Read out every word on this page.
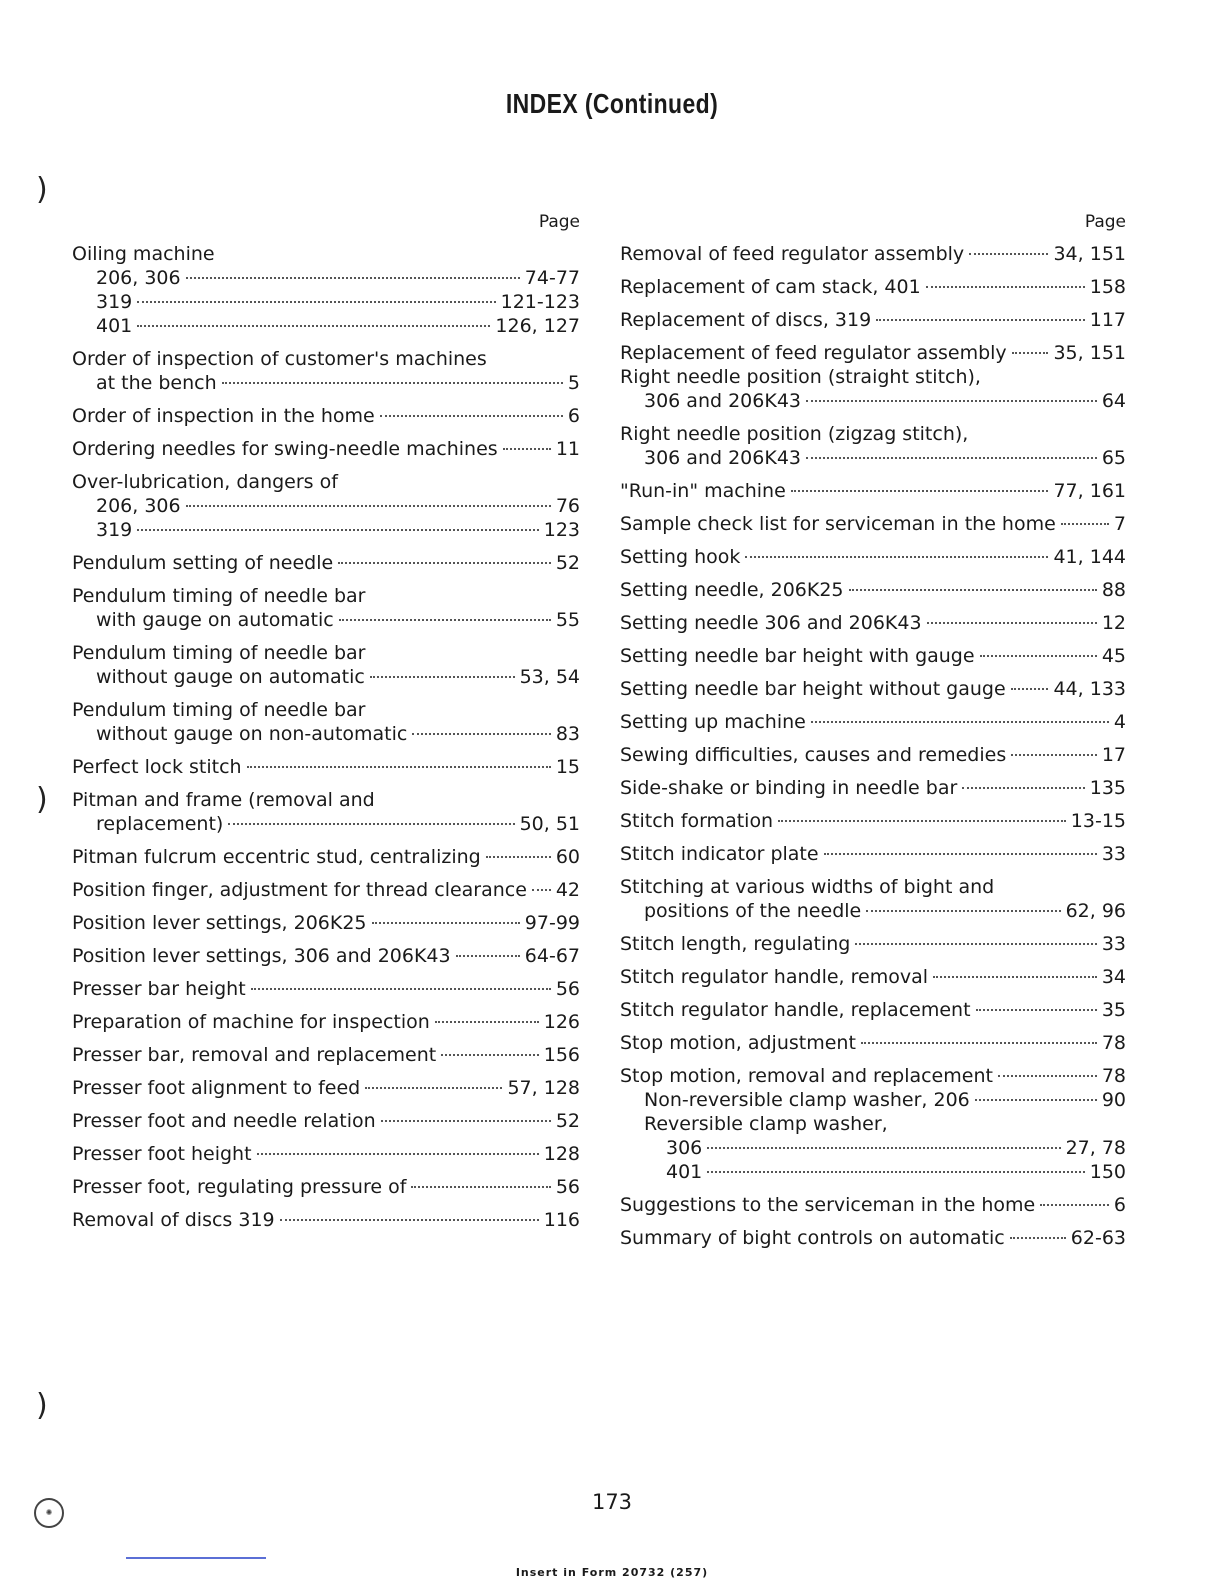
INDEX (Continued)
)
)
)
Page
Oiling machine
206, 306	74-77
319	121-123
401	126, 127
Order of inspection of customer's machines
at the bench	5
Order of inspection in the home	6
Ordering needles for swing-needle machines	11
Over-lubrication, dangers of
206, 306	76
319	123
Pendulum setting of needle	52
Pendulum timing of needle bar
with gauge on automatic	55
Pendulum timing of needle bar
without gauge on automatic	53, 54
Pendulum timing of needle bar
without gauge on non-automatic	83
Perfect lock stitch	15
Pitman and frame (removal and
replacement)	50, 51
Pitman fulcrum eccentric stud, centralizing	60
Position finger, adjustment for thread clearance 42
Position lever settings, 206K25	97-99
Position lever settings, 306 and 206K43	64-67
Presser bar height	56
Preparation of machine for inspection	126
Presser bar, removal and replacement	156
Presser foot alignment to feed	57, 128
Presser foot and needle relation	52
Presser foot height	128
Presser foot, regulating pressure of	56
Removal of discs 319	116
Page
Removal of feed regulator assembly	34, 151
Replacement of cam stack, 401	158
Replacement of discs, 319	117
Replacement of feed regulator assembly 35, 151
Right needle position (straight stitch),
306 and 206K43	64
Right needle position (zigzag stitch),
306 and 206K43	65
"Run-in" machine	77, 161
Sample check list for serviceman in the home	7
Setting hook	41, 144
Setting needle, 206K25	88
Setting needle 306 and 206K43	12
Setting needle bar height with gauge	45
Setting needle bar height without gauge	44, 133
Setting up machine	4
Sewing difficulties, causes and remedies	17
Side-shake or binding in needle bar	135
Stitch formation	13-15
Stitch indicator plate	33
Stitching at various widths of bight and
positions of the needle	62, 96
Stitch length, regulating	33
Stitch regulator handle, removal	34
Stitch regulator handle, replacement	35
Stop motion, adjustment	78
Stop motion, removal and replacement	78
Non-reversible clamp washer, 206	90
Reversible clamp washer,
306	27, 78
401	150
Suggestions to the serviceman in the home	6
Summary of bight controls on automatic	62-63
✺	173
Insert in Form 20732 (257)
